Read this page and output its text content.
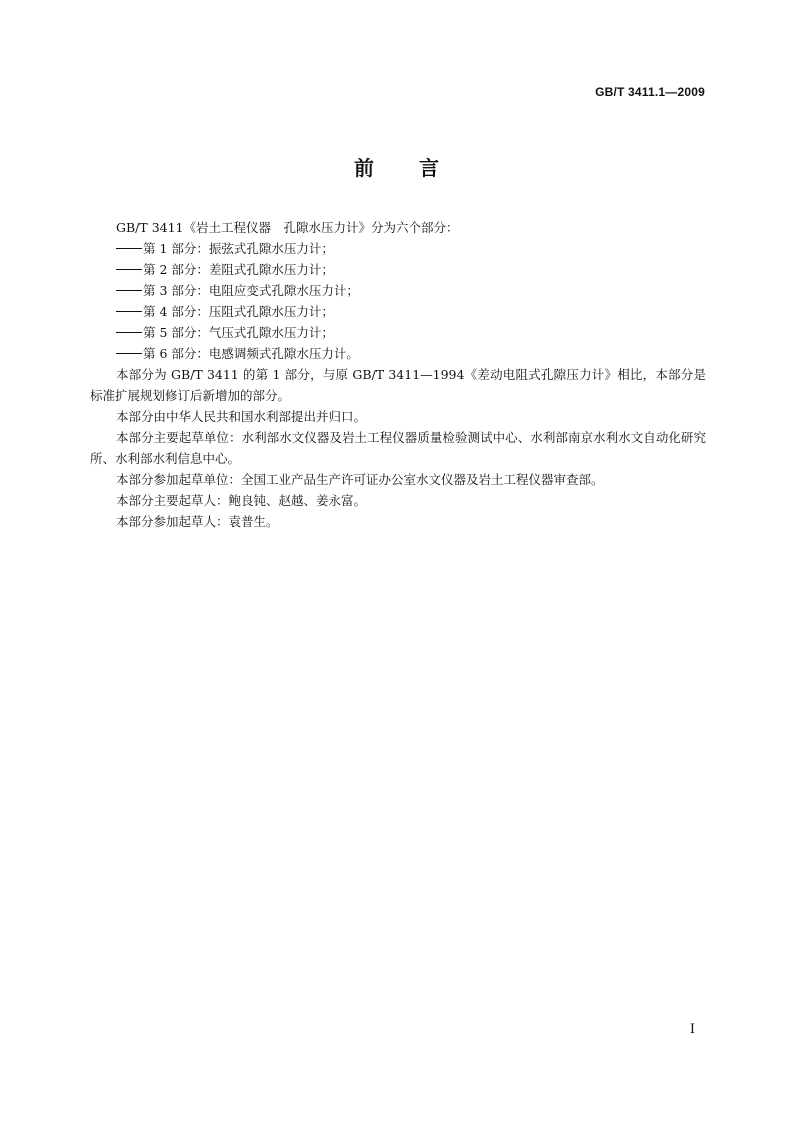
GB/T 3411.1—2009
前 言

GB/T 3411《岩土工程仪器　孔隙水压力计》分为六个部分：

第 1 部分：振弦式孔隙水压力计；
第 2 部分：差阻式孔隙水压力计；
第 3 部分：电阻应变式孔隙水压力计；
第 4 部分：压阻式孔隙水压力计；
第 5 部分：气压式孔隙水压力计；
第 6 部分：电感调频式孔隙水压力计。

本部分为 GB/T 3411 的第 1 部分，与原 GB/T 3411—1994《差动电阻式孔隙压力计》相比，本部分是标准扩展规划修订后新增加的部分。

本部分由中华人民共和国水利部提出并归口。

本部分主要起草单位：水利部水文仪器及岩土工程仪器质量检验测试中心、水利部南京水利水文自动化研究所、水利部水利信息中心。

本部分参加起草单位：全国工业产品生产许可证办公室水文仪器及岩土工程仪器审查部。

本部分主要起草人：鲍良钝、赵越、姜永富。

本部分参加起草人：袁普生。

I
